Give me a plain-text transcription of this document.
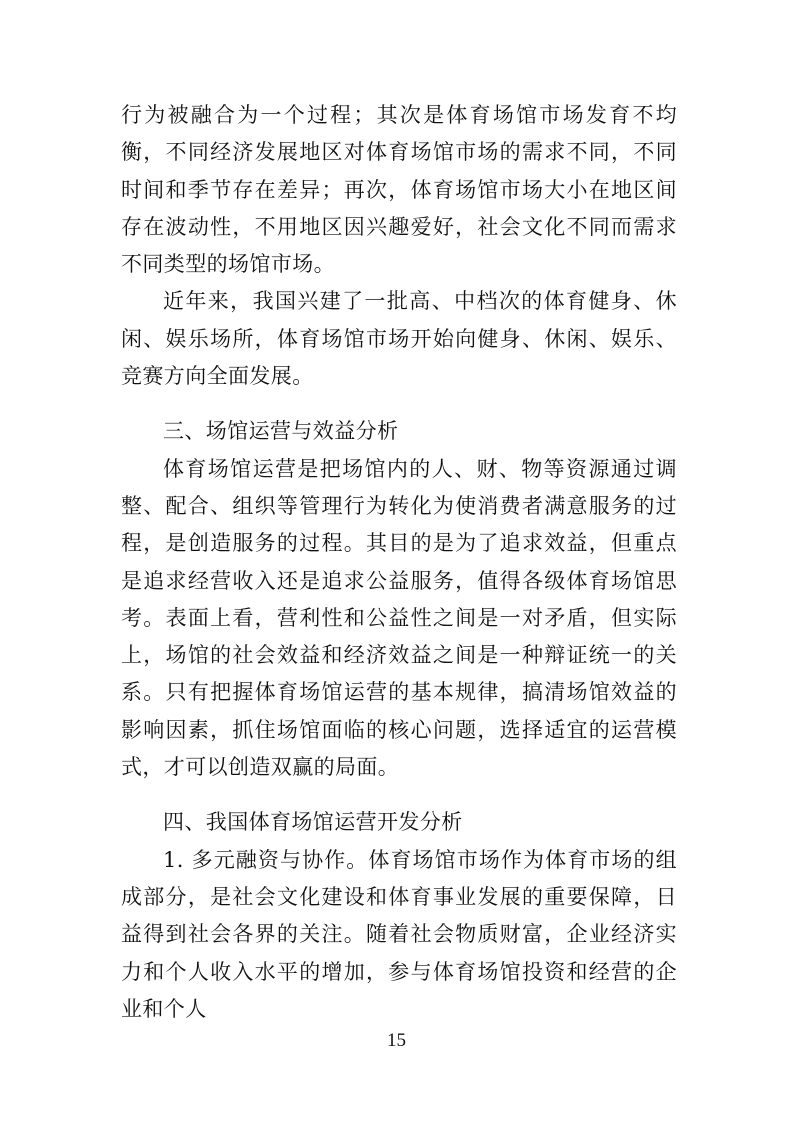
行为被融合为一个过程；其次是体育场馆市场发育不均衡，不同经济发展地区对体育场馆市场的需求不同，不同时间和季节存在差异；再次，体育场馆市场大小在地区间存在波动性，不用地区因兴趣爱好，社会文化不同而需求不同类型的场馆市场。

近年来，我国兴建了一批高、中档次的体育健身、休闲、娱乐场所，体育场馆市场开始向健身、休闲、娱乐、竞赛方向全面发展。

三、场馆运营与效益分析

体育场馆运营是把场馆内的人、财、物等资源通过调整、配合、组织等管理行为转化为使消费者满意服务的过程，是创造服务的过程。其目的是为了追求效益，但重点是追求经营收入还是追求公益服务，值得各级体育场馆思考。表面上看，营利性和公益性之间是一对矛盾，但实际上，场馆的社会效益和经济效益之间是一种辩证统一的关系。只有把握体育场馆运营的基本规律，搞清场馆效益的影响因素，抓住场馆面临的核心问题，选择适宜的运营模式，才可以创造双赢的局面。

四、我国体育场馆运营开发分析

1. 多元融资与协作。体育场馆市场作为体育市场的组成部分，是社会文化建设和体育事业发展的重要保障，日益得到社会各界的关注。随着社会物质财富，企业经济实力和个人收入水平的增加，参与体育场馆投资和经营的企业和个人

15
